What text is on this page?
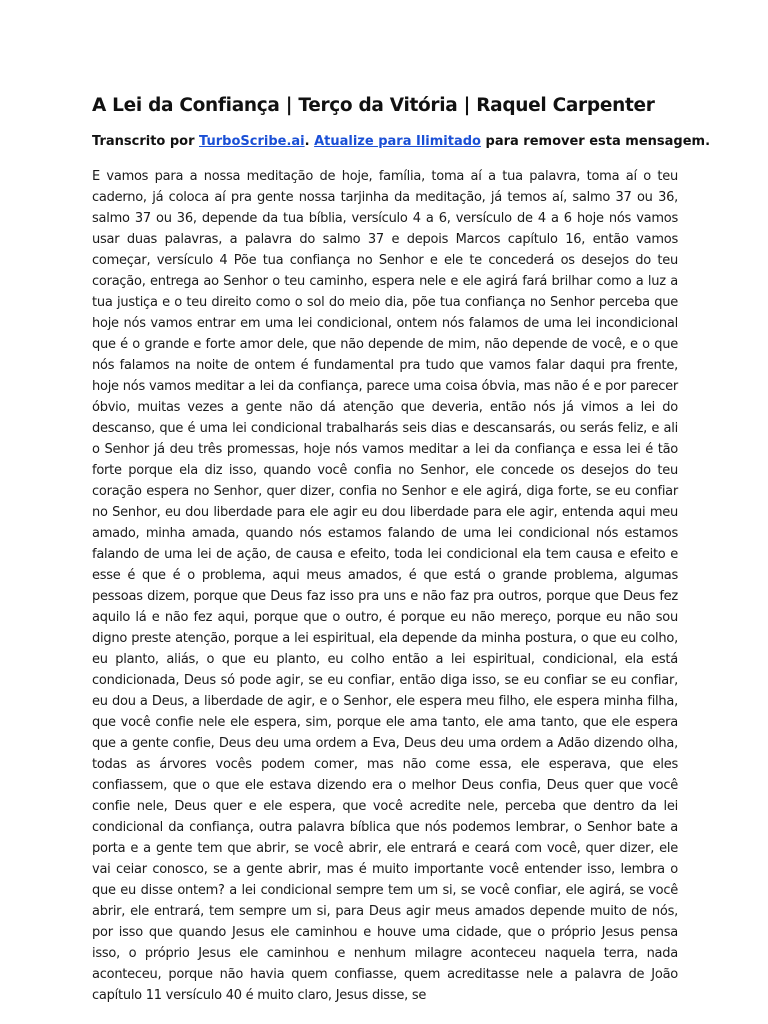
A Lei da Confiança | Terço da Vitória | Raquel Carpenter

Transcrito por TurboScribe.ai. Atualize para Ilimitado para remover esta mensagem.

E vamos para a nossa meditação de hoje, família, toma aí a tua palavra, toma aí o teu caderno, já coloca aí pra gente nossa tarjinha da meditação, já temos aí, salmo 37 ou 36, salmo 37 ou 36, depende da tua bíblia, versículo 4 a 6, versículo de 4 a 6 hoje nós vamos usar duas palavras, a palavra do salmo 37 e depois Marcos capítulo 16, então vamos começar, versículo 4 Põe tua confiança no Senhor e ele te concederá os desejos do teu coração, entrega ao Senhor o teu caminho, espera nele e ele agirá fará brilhar como a luz a tua justiça e o teu direito como o sol do meio dia, põe tua confiança no Senhor perceba que hoje nós vamos entrar em uma lei condicional, ontem nós falamos de uma lei incondicional que é o grande e forte amor dele, que não depende de mim, não depende de você, e o que nós falamos na noite de ontem é fundamental pra tudo que vamos falar daqui pra frente, hoje nós vamos meditar a lei da confiança, parece uma coisa óbvia, mas não é e por parecer óbvio, muitas vezes a gente não dá atenção que deveria, então nós já vimos a lei do descanso, que é uma lei condicional trabalharás seis dias e descansarás, ou serás feliz, e ali o Senhor já deu três promessas, hoje nós vamos meditar a lei da confiança e essa lei é tão forte porque ela diz isso, quando você confia no Senhor, ele concede os desejos do teu coração espera no Senhor, quer dizer, confia no Senhor e ele agirá, diga forte, se eu confiar no Senhor, eu dou liberdade para ele agir eu dou liberdade para ele agir, entenda aqui meu amado, minha amada, quando nós estamos falando de uma lei condicional nós estamos falando de uma lei de ação, de causa e efeito, toda lei condicional ela tem causa e efeito e esse é que é o problema, aqui meus amados, é que está o grande problema, algumas pessoas dizem, porque que Deus faz isso pra uns e não faz pra outros, porque que Deus fez aquilo lá e não fez aqui, porque que o outro, é porque eu não mereço, porque eu não sou digno preste atenção, porque a lei espiritual, ela depende da minha postura, o que eu colho, eu planto, aliás, o que eu planto, eu colho então a lei espiritual, condicional, ela está condicionada, Deus só pode agir, se eu confiar, então diga isso, se eu confiar se eu confiar, eu dou a Deus, a liberdade de agir, e o Senhor, ele espera meu filho, ele espera minha filha, que você confie nele ele espera, sim, porque ele ama tanto, ele ama tanto, que ele espera que a gente confie, Deus deu uma ordem a Eva, Deus deu uma ordem a Adão dizendo olha, todas as árvores vocês podem comer, mas não come essa, ele esperava, que eles confiassem, que o que ele estava dizendo era o melhor Deus confia, Deus quer que você confie nele, Deus quer e ele espera, que você acredite nele, perceba que dentro da lei condicional da confiança, outra palavra bíblica que nós podemos lembrar, o Senhor bate a porta e a gente tem que abrir, se você abrir, ele entrará e ceará com você, quer dizer, ele vai ceiar conosco, se a gente abrir, mas é muito importante você entender isso, lembra o que eu disse ontem? a lei condicional sempre tem um si, se você confiar, ele agirá, se você abrir, ele entrará, tem sempre um si, para Deus agir meus amados depende muito de nós, por isso que quando Jesus ele caminhou e houve uma cidade, que o próprio Jesus pensa isso, o próprio Jesus ele caminhou e nenhum milagre aconteceu naquela terra, nada aconteceu, porque não havia quem confiasse, quem acreditasse nele a palavra de João capítulo 11 versículo 40 é muito claro, Jesus disse, se
